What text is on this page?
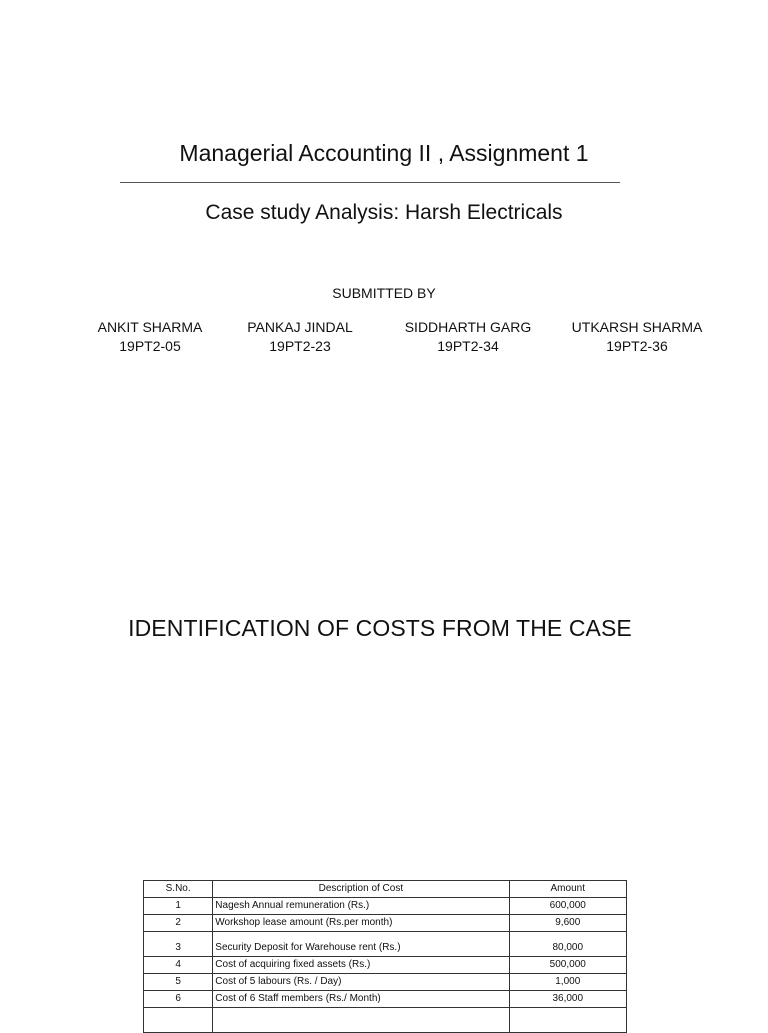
Managerial Accounting II , Assignment 1
Case study Analysis: Harsh Electricals
SUBMITTED BY
ANKIT SHARMA
19PT2-05
PANKAJ JINDAL
19PT2-23
SIDDHARTH GARG
19PT2-34
UTKARSH SHARMA
19PT2-36
IDENTIFICATION OF COSTS FROM THE CASE
S.No.	Description of Cost	Amount
1	Nagesh Annual remuneration (Rs.)	600,000
2	Workshop lease amount (Rs.per month)	9,600
3	Security Deposit for Warehouse rent (Rs.)	80,000
4	Cost of acquiring fixed assets (Rs.)	500,000
5	Cost of 5 labours (Rs. / Day)	1,000
6	Cost of 6 Staff members (Rs./ Month)	36,000
